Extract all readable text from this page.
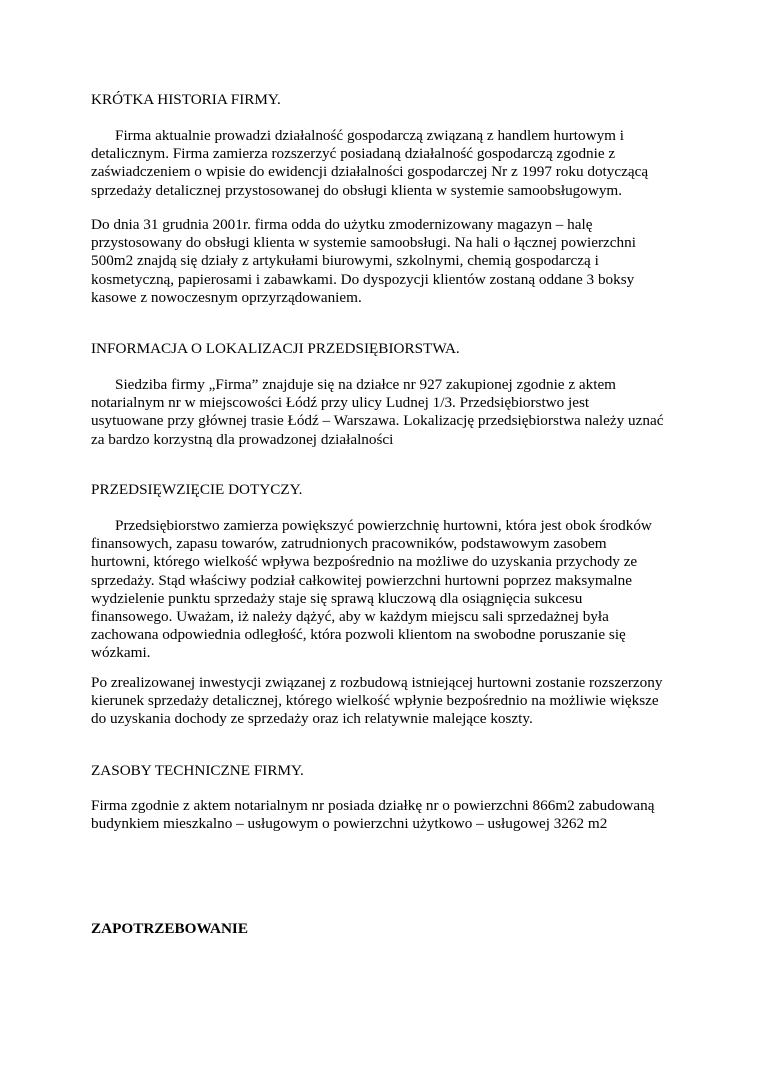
KRÓTKA HISTORIA FIRMY.
Firma aktualnie prowadzi działalność gospodarczą związaną z handlem hurtowym i
detalicznym. Firma zamierza rozszerzyć posiadaną działalność gospodarczą zgodnie z
zaświadczeniem o wpisie do ewidencji działalności gospodarczej Nr z 1997 roku dotyczącą
sprzedaży detalicznej przystosowanej do obsługi klienta w systemie samoobsługowym.
Do dnia 31 grudnia 2001r. firma odda do użytku zmodernizowany magazyn – halę
przystosowany do obsługi klienta w systemie samoobsługi. Na hali o łącznej powierzchni
500m2 znajdą się działy z artykułami biurowymi, szkolnymi, chemią gospodarczą i
kosmetyczną, papierosami i zabawkami. Do dyspozycji klientów zostaną oddane 3 boksy
kasowe z nowoczesnym oprzyrządowaniem.
INFORMACJA O LOKALIZACJI PRZEDSIĘBIORSTWA.
Siedziba firmy „Firma” znajduje się na działce nr 927 zakupionej zgodnie z aktem
notarialnym nr w miejscowości Łódź przy ulicy Ludnej 1/3. Przedsiębiorstwo jest
usytuowane przy głównej trasie Łódź – Warszawa. Lokalizację przedsiębiorstwa należy uznać
za bardzo korzystną dla prowadzonej działalności
PRZEDSIĘWZIĘCIE DOTYCZY.
Przedsiębiorstwo zamierza powiększyć powierzchnię hurtowni, która jest obok środków
finansowych, zapasu towarów, zatrudnionych pracowników, podstawowym zasobem
hurtowni, którego wielkość wpływa bezpośrednio na możliwe do uzyskania przychody ze
sprzedaży. Stąd właściwy podział całkowitej powierzchni hurtowni poprzez maksymalne
wydzielenie punktu sprzedaży staje się sprawą kluczową dla osiągnięcia sukcesu
finansowego. Uważam, iż należy dążyć, aby w każdym miejscu sali sprzedażnej była
zachowana odpowiednia odległość, która pozwoli klientom na swobodne poruszanie się
wózkami.
Po zrealizowanej inwestycji związanej z rozbudową istniejącej hurtowni zostanie rozszerzony
kierunek sprzedaży detalicznej, którego wielkość wpłynie bezpośrednio na możliwie większe
do uzyskania dochody ze sprzedaży oraz ich relatywnie malejące koszty.
ZASOBY TECHNICZNE FIRMY.
Firma zgodnie z aktem notarialnym nr posiada działkę nr o powierzchni 866m2 zabudowaną
budynkiem mieszkalno – usługowym o powierzchni użytkowo – usługowej 3262 m2
ZAPOTRZEBOWANIE
